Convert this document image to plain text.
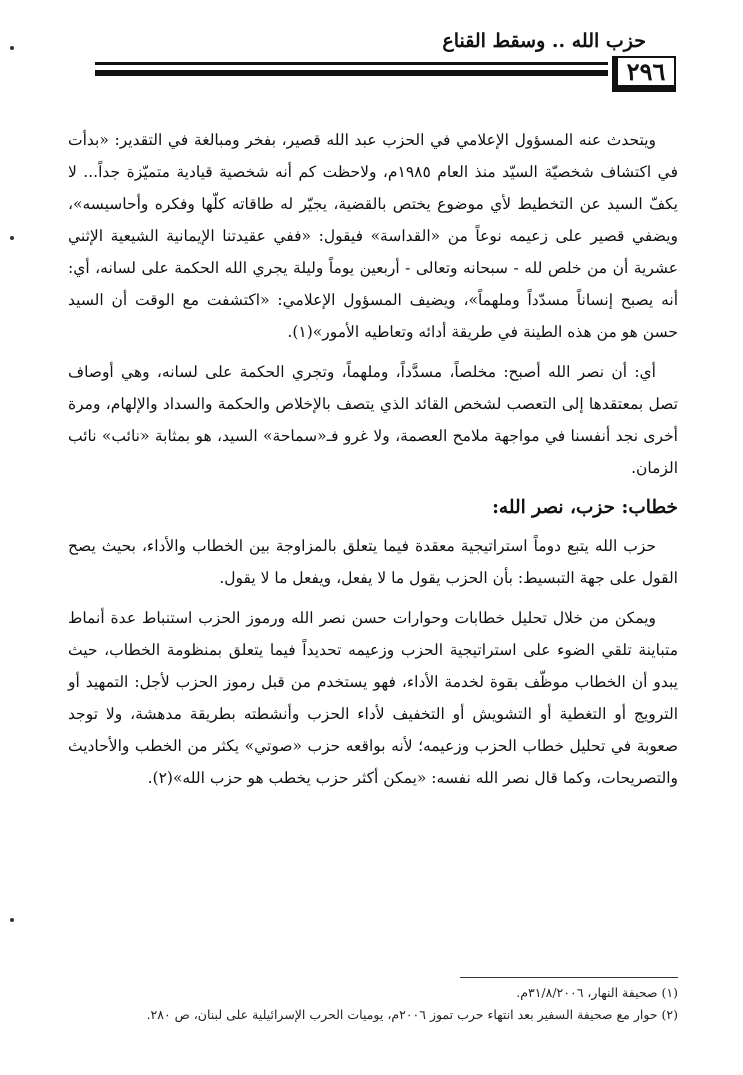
حزب الله .. وسقط القناع
٢٩٦

ويتحدث عنه المسؤول الإعلامي في الحزب عبد الله قصير، بفخر ومبالغة في التقدير: «بدأت في اكتشاف شخصيّة السيّد منذ العام ١٩٨٥م، ولاحظت كم أنه شخصية قيادية متميّزة جداً... لا يكفّ السيد عن التخطيط لأي موضوع يختص بالقضية، يجيّر له طاقاته كلّها وفكره وأحاسيسه»، ويضفي قصير على زعيمه نوعاً من «القداسة» فيقول: «ففي عقيدتنا الإيمانية الشيعية الإثني عشرية أن من خلص لله - سبحانه وتعالى - أربعين يوماً وليلة يجري الله الحكمة على لسانه، أي: أنه يصبح إنساناً مسدّداً وملهماً»، ويضيف المسؤول الإعلامي: «اكتشفت مع الوقت أن السيد حسن هو من هذه الطينة في طريقة أدائه وتعاطيه الأمور»(١).

أي: أن نصر الله أصبح: مخلصاً، مسدَّداً، وملهماً، وتجري الحكمة على لسانه، وهي أوصاف تصل بمعتقدها إلى التعصب لشخص القائد الذي يتصف بالإخلاص والحكمة والسداد والإلهام، ومرة أخرى نجد أنفسنا في مواجهة ملامح العصمة، ولا غرو فـ«سماحة» السيد، هو بمثابة «نائب» نائب الزمان.

خطاب: حزب، نصر الله:

حزب الله يتبع دوماً استراتيجية معقدة فيما يتعلق بالمزاوجة بين الخطاب والأداء، بحيث يصح القول على جهة التبسيط: بأن الحزب يقول ما لا يفعل، ويفعل ما لا يقول.

ويمكن من خلال تحليل خطابات وحوارات حسن نصر الله ورموز الحزب استنباط عدة أنماط متباينة تلقي الضوء على استراتيجية الحزب وزعيمه تحديداً فيما يتعلق بمنظومة الخطاب، حيث يبدو أن الخطاب موظّف بقوة لخدمة الأداء، فهو يستخدم من قبل رموز الحزب لأجل: التمهيد أو الترويج أو التغطية أو التشويش أو التخفيف لأداء الحزب وأنشطته بطريقة مدهشة، ولا توجد صعوبة في تحليل خطاب الحزب وزعيمه؛ لأنه بواقعه حزب «صوتي» يكثر من الخطب والأحاديث والتصريحات، وكما قال نصر الله نفسه: «يمكن أكثر حزب يخطب هو حزب الله»(٢).

(١) صحيفة النهار، ٣١/٨/٢٠٠٦م.
(٢) حوار مع صحيفة السفير بعد انتهاء حرب تموز ٢٠٠٦م، يوميات الحرب الإسرائيلية على لبنان، ص ٢٨٠.
